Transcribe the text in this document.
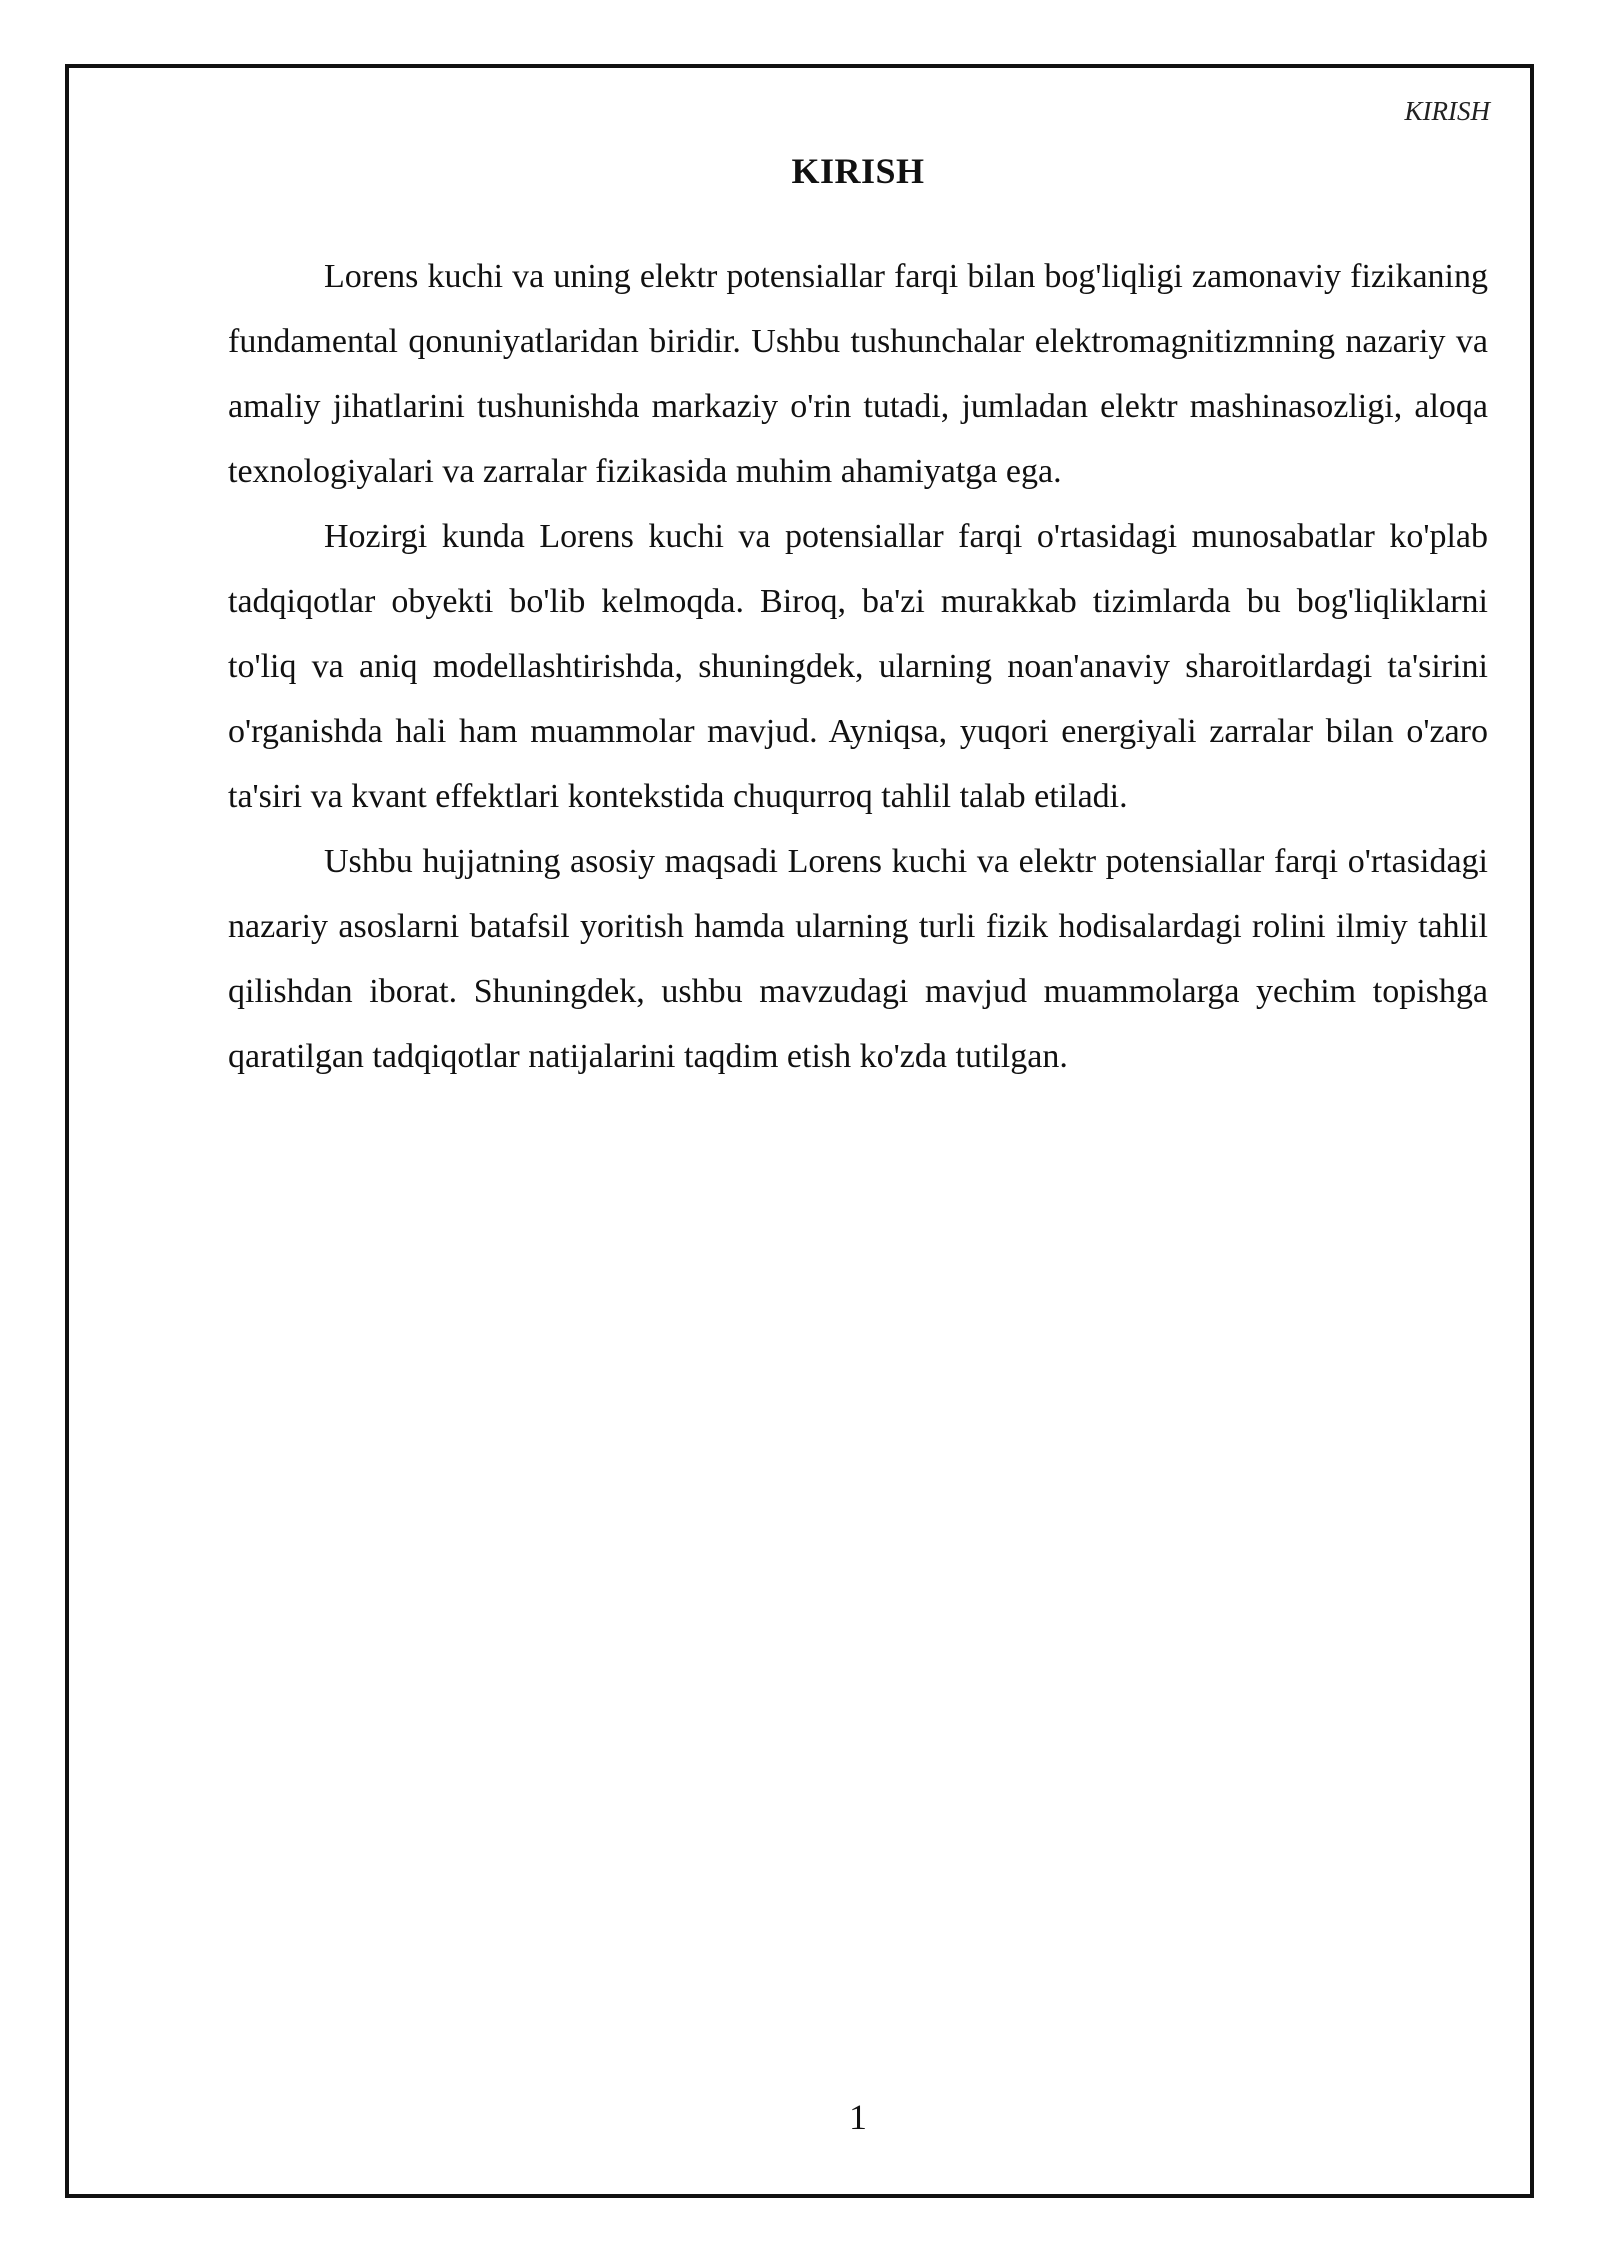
KIRISH
KIRISH

Lorens kuchi va uning elektr potensiallar farqi bilan bog'liqligi zamonaviy fizikaning fundamental qonuniyatlaridan biridir. Ushbu tushunchalar elektromagnitizmning nazariy va amaliy jihatlarini tushunishda markaziy o'rin tutadi, jumladan elektr mashinasozligi, aloqa texnologiyalari va zarralar fizikasida muhim ahamiyatga ega.

Hozirgi kunda Lorens kuchi va potensiallar farqi o'rtasidagi munosabatlar ko'plab tadqiqotlar obyekti bo'lib kelmoqda. Biroq, ba'zi murakkab tizimlarda bu bog'liqliklarni to'liq va aniq modellashtirishda, shuningdek, ularning noan'anaviy sharoitlardagi ta'sirini o'rganishda hali ham muammolar mavjud. Ayniqsa, yuqori energiyali zarralar bilan o'zaro ta'siri va kvant effektlari kontekstida chuqurroq tahlil talab etiladi.

Ushbu hujjatning asosiy maqsadi Lorens kuchi va elektr potensiallar farqi o'rtasidagi nazariy asoslarni batafsil yoritish hamda ularning turli fizik hodisalardagi rolini ilmiy tahlil qilishdan iborat. Shuningdek, ushbu mavzudagi mavjud muammolarga yechim topishga qaratilgan tadqiqotlar natijalarini taqdim etish ko'zda tutilgan.

1
